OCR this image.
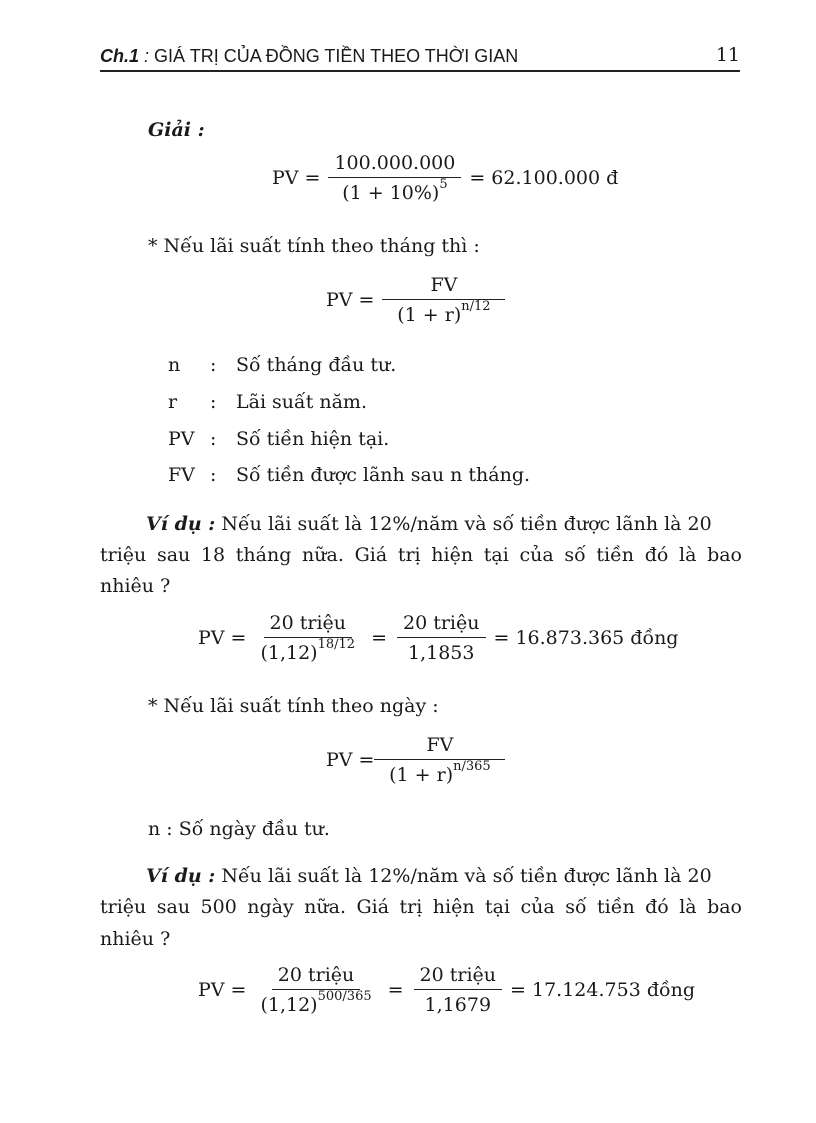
Ch.1 : GIÁ TRỊ CỦA ĐỒNG TIỀN THEO THỜI GIAN	11
Giải :
PV = $\frac{100.000.000}{(1 + 10\%)^5} = 62.100.000$ đ
* Nếu lãi suất tính theo tháng thì :
PV = $\frac{FV}{(1 + r)^{n/12}}$
n	: Số tháng đầu tư.
r	: Lãi suất năm.
PV : Số tiền hiện tại.
FV : Số tiền được lãnh sau n tháng.
Ví dụ : Nếu lãi suất là 12%/năm và số tiền được lãnh là 20
triệu sau 18 tháng nữa. Giá trị hiện tại của số tiền đó là bao
nhiêu ?
PV = $\frac{\text{20 triệu}}{(1,12)^{18/12}} = \frac{\text{20 triệu}}{1,1853} = 16.873.365$ đồng
* Nếu lãi suất tính theo ngày :
PV = $\frac{FV}{(1 + r)^{n/365}}$
n : Số ngày đầu tư.
Ví dụ : Nếu lãi suất là 12%/năm và số tiền được lãnh là 20
triệu sau 500 ngày nữa. Giá trị hiện tại của số tiền đó là bao
nhiêu ?
PV = $\frac{\text{20 triệu}}{(1,12)^{500/365}} = \frac{\text{20 triệu}}{1,1679} = 17.124.753$ đồng
